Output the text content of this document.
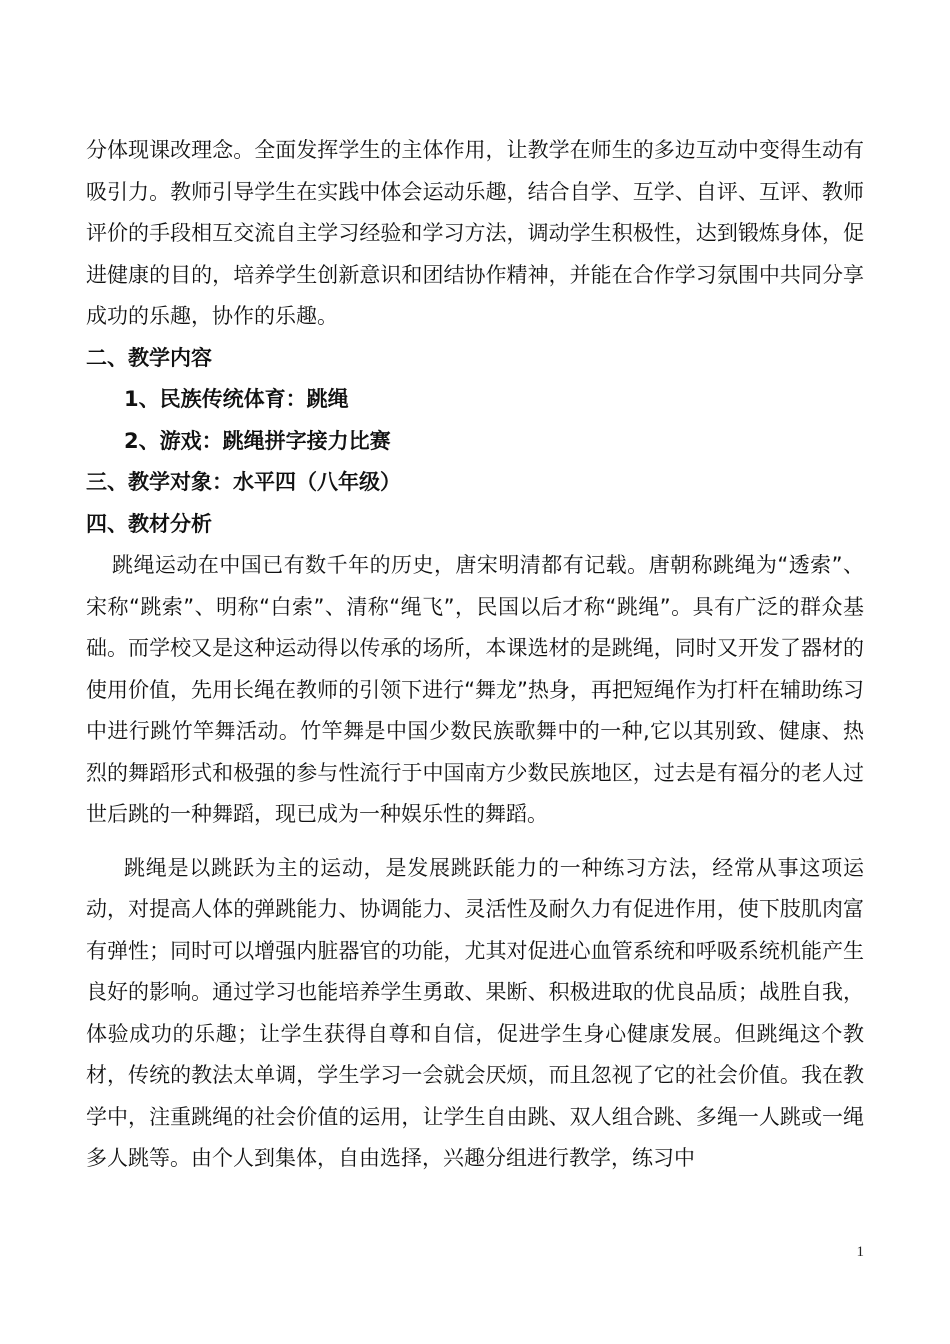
分体现课改理念。全面发挥学生的主体作用，让教学在师生的多边互动中变得生动有吸引力。教师引导学生在实践中体会运动乐趣，结合自学、互学、自评、互评、教师评价的手段相互交流自主学习经验和学习方法，调动学生积极性，达到锻炼身体，促进健康的目的，培养学生创新意识和团结协作精神，并能在合作学习氛围中共同分享成功的乐趣，协作的乐趣。

二、教学内容

1、民族传统体育：跳绳

2、游戏：跳绳拼字接力比赛

三、教学对象：水平四（八年级）
四、教材分析

跳绳运动在中国已有数千年的历史，唐宋明清都有记载。唐朝称跳绳为“透索”、宋称“跳索”、明称“白索”、清称“绳飞”，民国以后才称“跳绳”。具有广泛的群众基础。而学校又是这种运动得以传承的场所，本课选材的是跳绳，同时又开发了器材的使用价值，先用长绳在教师的引领下进行“舞龙”热身，再把短绳作为打杆在辅助练习中进行跳竹竿舞活动。竹竿舞是中国少数民族歌舞中的一种,它以其别致、健康、热烈的舞蹈形式和极强的参与性流行于中国南方少数民族地区，过去是有福分的老人过世后跳的一种舞蹈，现已成为一种娱乐性的舞蹈。

跳绳是以跳跃为主的运动，是发展跳跃能力的一种练习方法，经常从事这项运动，对提高人体的弹跳能力、协调能力、灵活性及耐久力有促进作用，使下肢肌肉富有弹性；同时可以增强内脏器官的功能，尤其对促进心血管系统和呼吸系统机能产生良好的影响。通过学习也能培养学生勇敢、果断、积极进取的优良品质；战胜自我，体验成功的乐趣；让学生获得自尊和自信，促进学生身心健康发展。但跳绳这个教材，传统的教法太单调，学生学习一会就会厌烦，而且忽视了它的社会价值。我在教学中，注重跳绳的社会价值的运用，让学生自由跳、双人组合跳、多绳一人跳或一绳多人跳等。由个人到集体，自由选择，兴趣分组进行教学，练习中

1
